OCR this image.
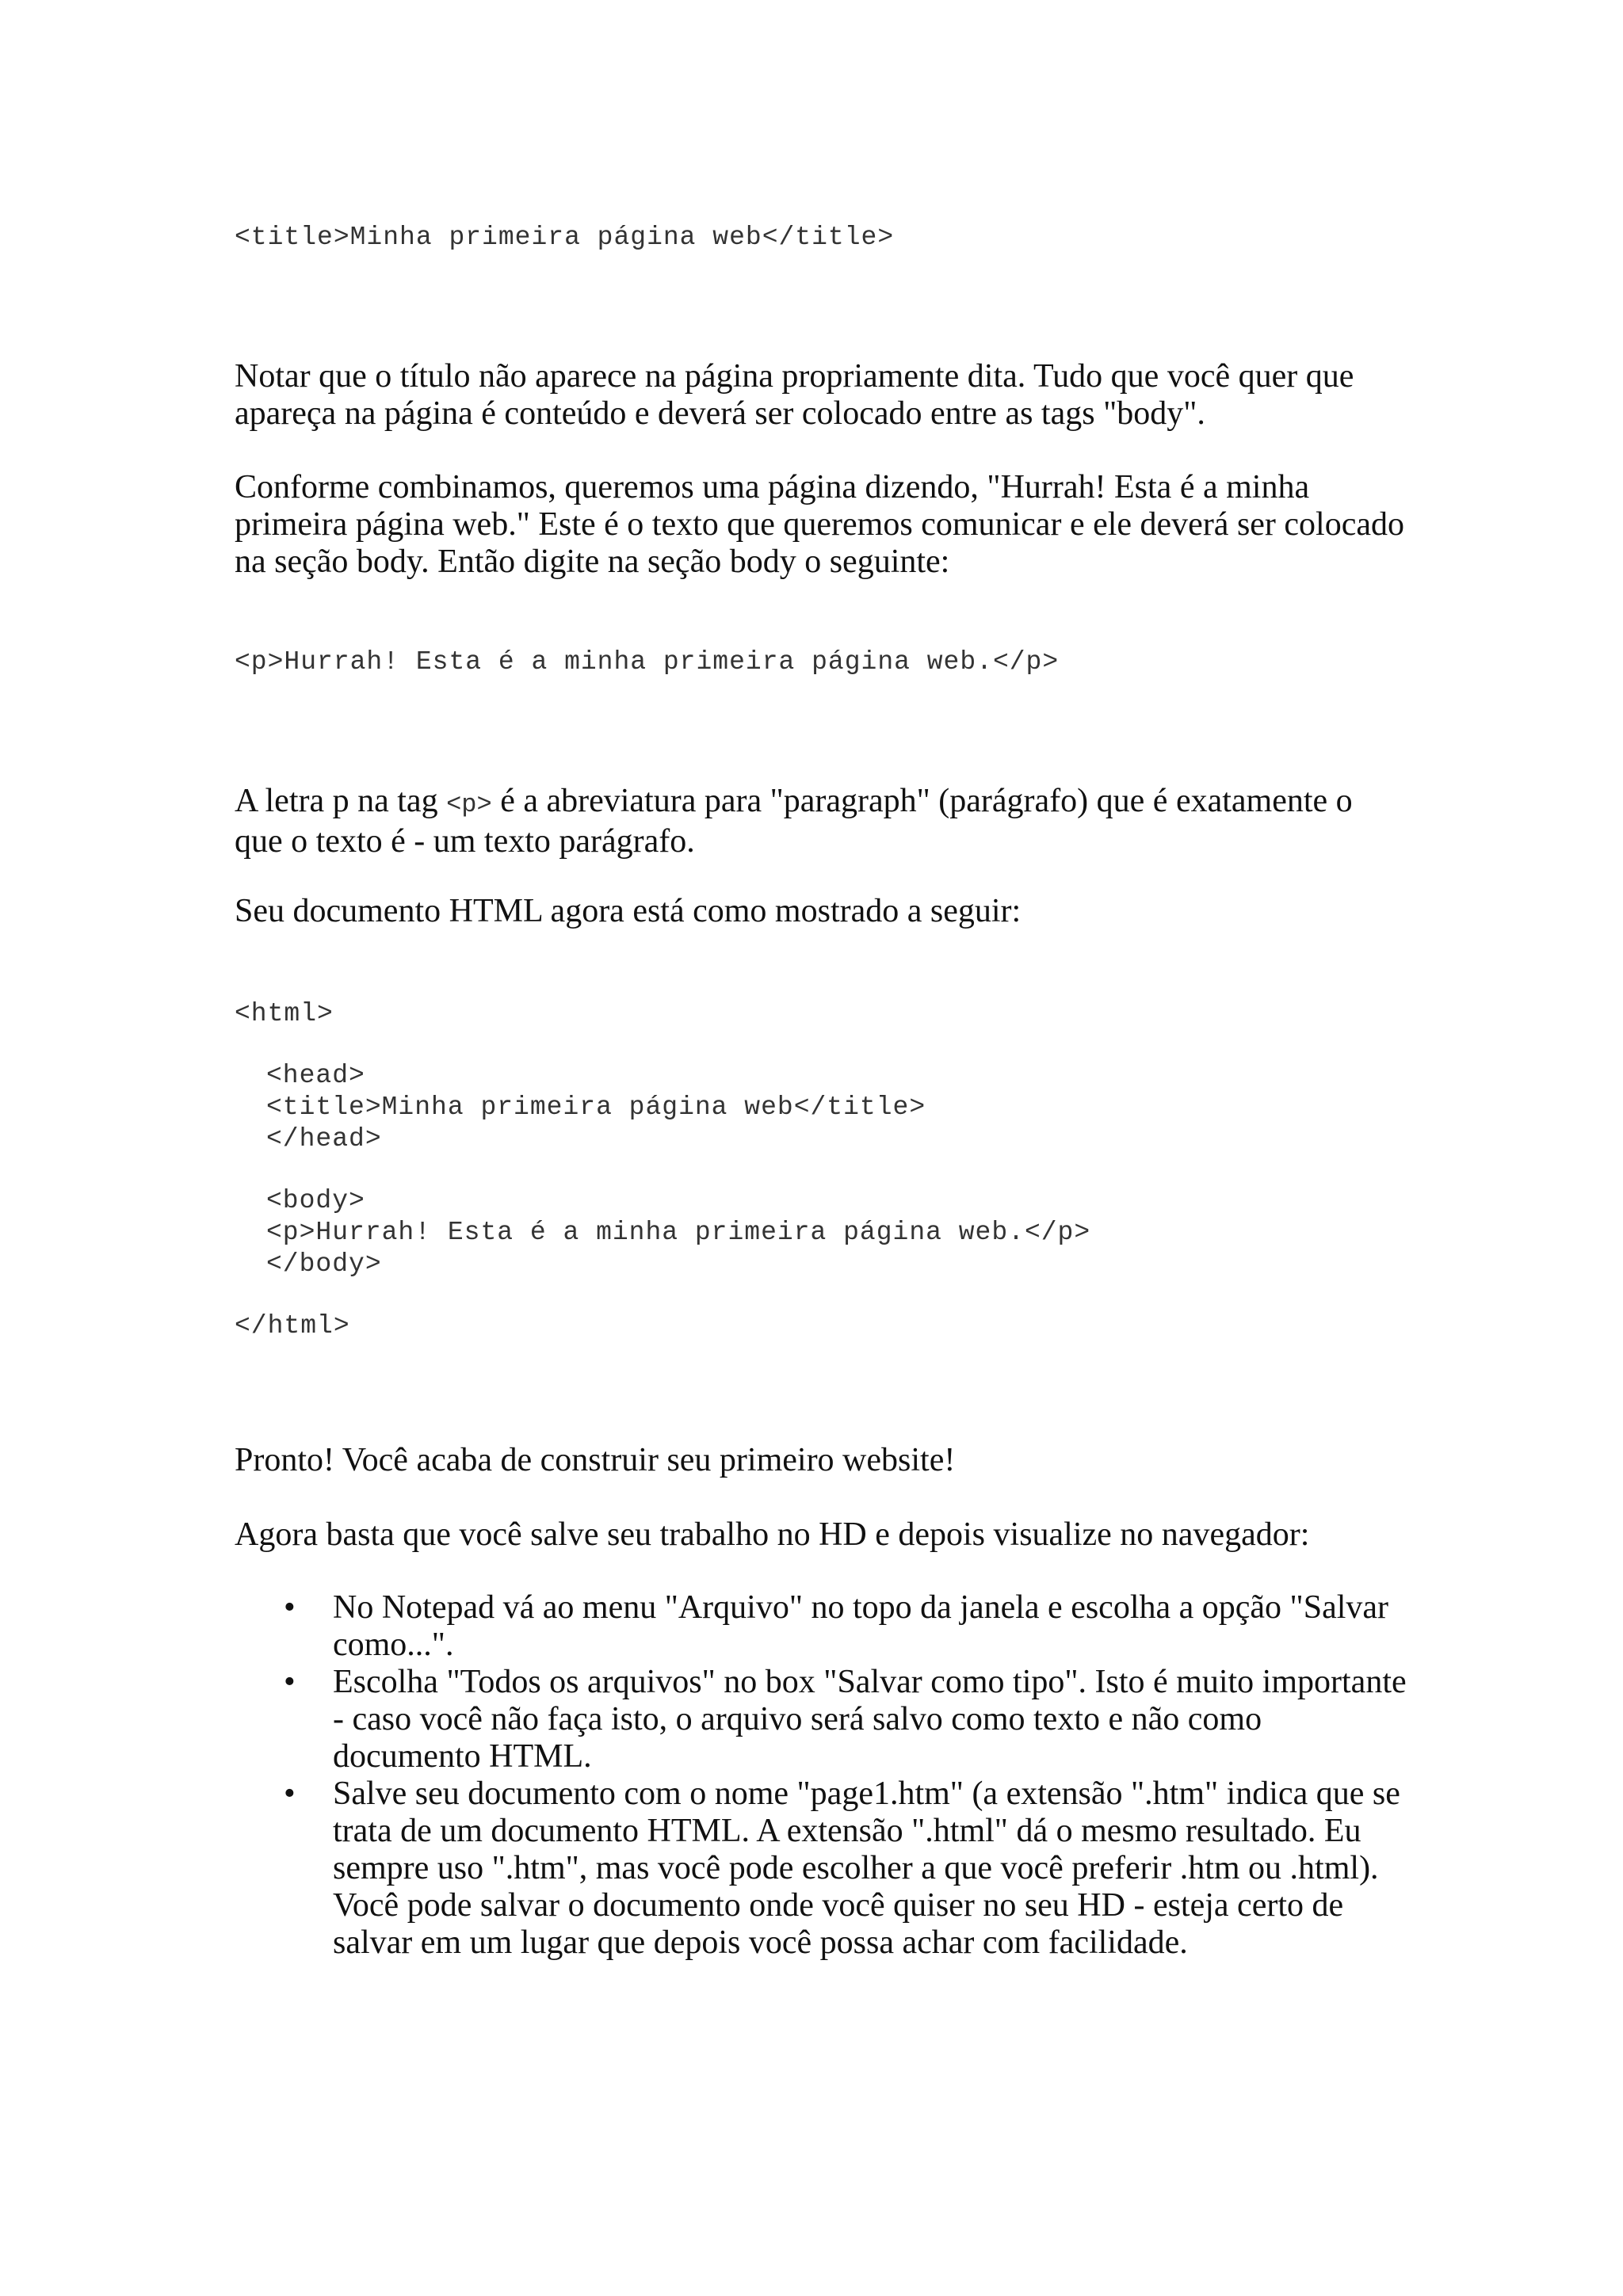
<title>Minha primeira página web</title>

Notar que o título não aparece na página propriamente dita. Tudo que você quer que apareça na página é conteúdo e deverá ser colocado entre as tags "body".

Conforme combinamos, queremos uma página dizendo, "Hurrah! Esta é a minha primeira página web." Este é o texto que queremos comunicar e ele deverá ser colocado na seção body. Então digite na seção body o seguinte:

<p>Hurrah! Esta é a minha primeira página web.</p>

A letra p na tag <p> é a abreviatura para "paragraph" (parágrafo) que é exatamente o que o texto é - um texto parágrafo.

Seu documento HTML agora está como mostrado a seguir:

<html>

<head>

<title>Minha primeira página web</title>

</head>

<body>

<p>Hurrah! Esta é a minha primeira página web.</p>

</body>

</html>

Pronto! Você acaba de construir seu primeiro website!

Agora basta que você salve seu trabalho no HD e depois visualize no navegador:

• No Notepad vá ao menu "Arquivo" no topo da janela e escolha a opção "Salvar como...".
• Escolha "Todos os arquivos" no box "Salvar como tipo". Isto é muito importante - caso você não faça isto, o arquivo será salvo como texto e não como documento HTML.
• Salve seu documento com o nome "page1.htm" (a extensão ".htm" indica que se trata de um documento HTML. A extensão ".html" dá o mesmo resultado. Eu sempre uso ".htm", mas você pode escolher a que você preferir .htm ou .html). Você pode salvar o documento onde você quiser no seu HD - esteja certo de salvar em um lugar que depois você possa achar com facilidade.
